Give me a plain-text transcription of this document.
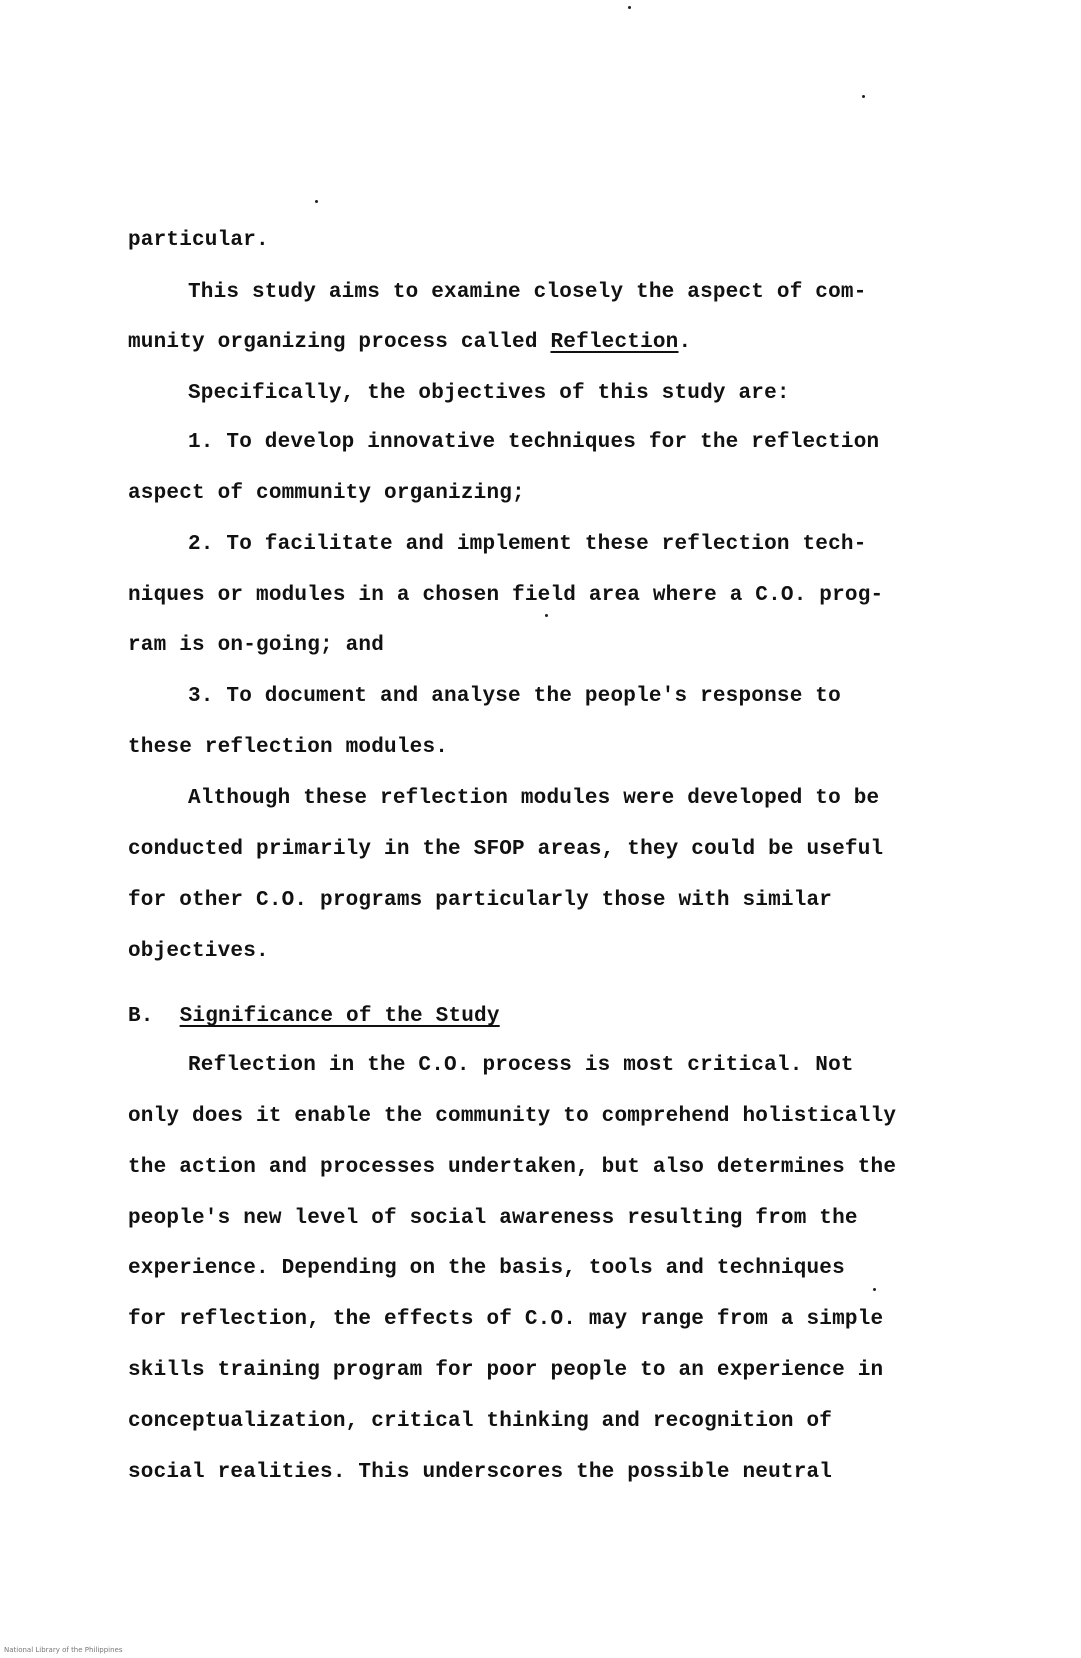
particular.
This study aims to examine closely the aspect of com-
munity organizing process called Reflection.
Specifically, the objectives of this study are:
1. To develop innovative techniques for the reflection
aspect of community organizing;
2. To facilitate and implement these reflection tech-
niques or modules in a chosen field area where a C.O. prog-
ram is on-going; and
3. To document and analyse the people's response to
these reflection modules.
Although these reflection modules were developed to be
conducted primarily in the SFOP areas, they could be useful
for other C.O. programs particularly those with similar
objectives.
B. Significance of the Study
Reflection in the C.O. process is most critical. Not
only does it enable the community to comprehend holistically
the action and processes undertaken, but also determines the
people's new level of social awareness resulting from the
experience. Depending on the basis, tools and techniques
for reflection, the effects of C.O. may range from a simple
skills training program for poor people to an experience in
conceptualization, critical thinking and recognition of
social realities. This underscores the possible neutral
National Library of the Philippines
